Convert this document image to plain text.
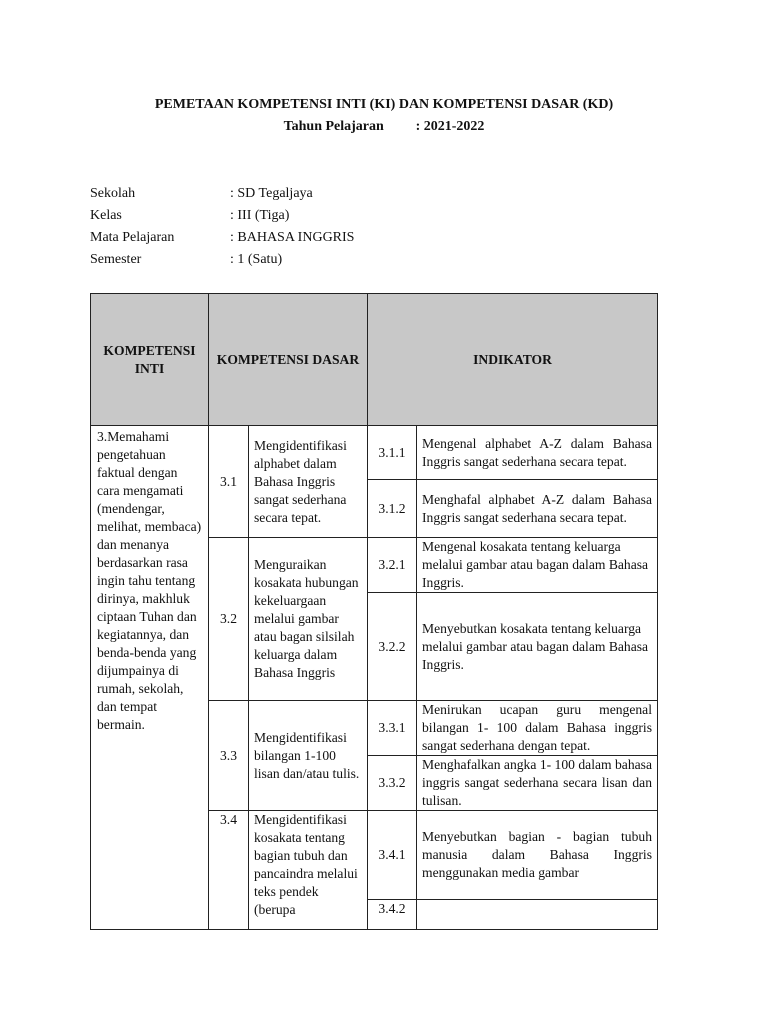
PEMETAAN KOMPETENSI INTI (KI) DAN KOMPETENSI DASAR (KD)
Tahun Pelajaran : 2021-2022
Sekolah	: SD Tegaljaya
Kelas	: III (Tiga)
Mata Pelajaran	: BAHASA INGGRIS
Semester	: 1 (Satu)
KOMPETENSI INTI	KOMPETENSI DASAR		INDIKATOR	
3.Memahami pengetahuan faktual dengan cara mengamati (mendengar, melihat, membaca) dan menanya berdasarkan rasa ingin tahu tentang dirinya, makhluk ciptaan Tuhan dan kegiatannya, dan benda-benda yang dijumpainya di rumah, sekolah, dan tempat bermain.	3.1	Mengidentifikasi alphabet dalam Bahasa Inggris sangat sederhana secara tepat.	3.1.1	Mengenal alphabet A-Z dalam Bahasa Inggris sangat sederhana secara tepat.
			3.1.2	Menghafal alphabet A-Z dalam Bahasa Inggris sangat sederhana secara tepat.
	3.2	Menguraikan kosakata hubungan kekeluargaan melalui gambar atau bagan silsilah keluarga dalam Bahasa Inggris	3.2.1	Mengenal kosakata tentang keluarga melalui gambar atau bagan dalam Bahasa Inggris.
			3.2.2	Menyebutkan kosakata tentang keluarga melalui gambar atau bagan dalam Bahasa Inggris.
	3.3	Mengidentifikasi bilangan 1-100 lisan dan/atau tulis.	3.3.1	Menirukan ucapan guru mengenal bilangan 1- 100 dalam Bahasa inggris sangat sederhana dengan tepat.
			3.3.2	Menghafalkan angka 1- 100 dalam bahasa inggris sangat sederhana secara lisan dan tulisan.
	3.4	Mengidentifikasi kosakata tentang bagian tubuh dan pancaindra melalui teks pendek (berupa	3.4.1	Menyebutkan bagian - bagian tubuh manusia dalam Bahasa Inggris menggunakan media gambar
			3.4.2	
